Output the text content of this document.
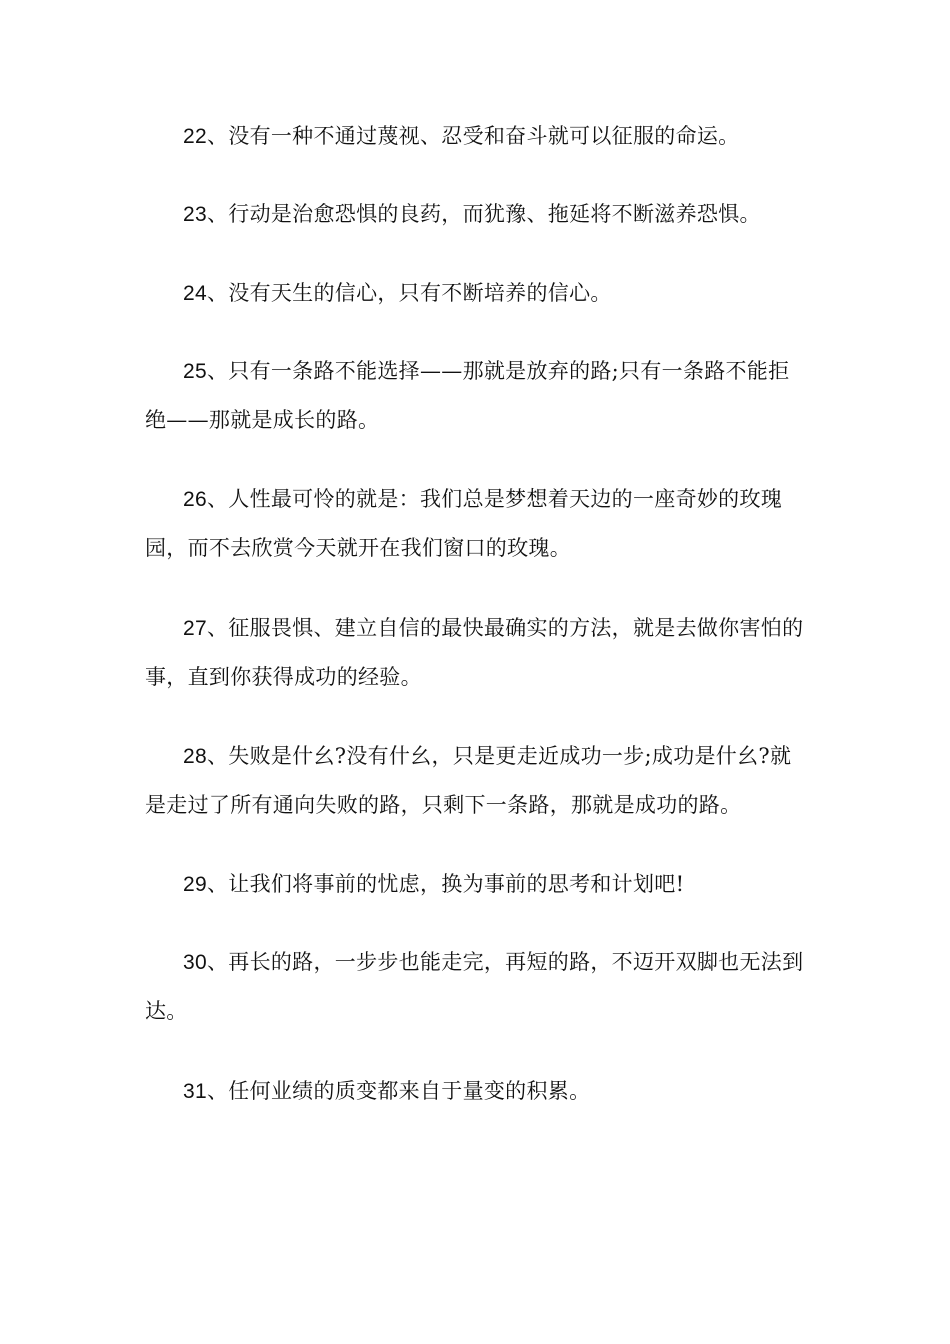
22、没有一种不通过蔑视、忍受和奋斗就可以征服的命运。

23、行动是治愈恐惧的良药，而犹豫、拖延将不断滋养恐惧。

24、没有天生的信心，只有不断培养的信心。

25、只有一条路不能选择——那就是放弃的路;只有一条路不能拒绝——那就是成长的路。

26、人性最可怜的就是：我们总是梦想着天边的一座奇妙的玫瑰园，而不去欣赏今天就开在我们窗口的玫瑰。

27、征服畏惧、建立自信的最快最确实的方法，就是去做你害怕的事，直到你获得成功的经验。

28、失败是什幺?没有什幺，只是更走近成功一步;成功是什幺?就是走过了所有通向失败的路，只剩下一条路，那就是成功的路。

29、让我们将事前的忧虑，换为事前的思考和计划吧!

30、再长的路，一步步也能走完，再短的路，不迈开双脚也无法到达。

31、任何业绩的质变都来自于量变的积累。
